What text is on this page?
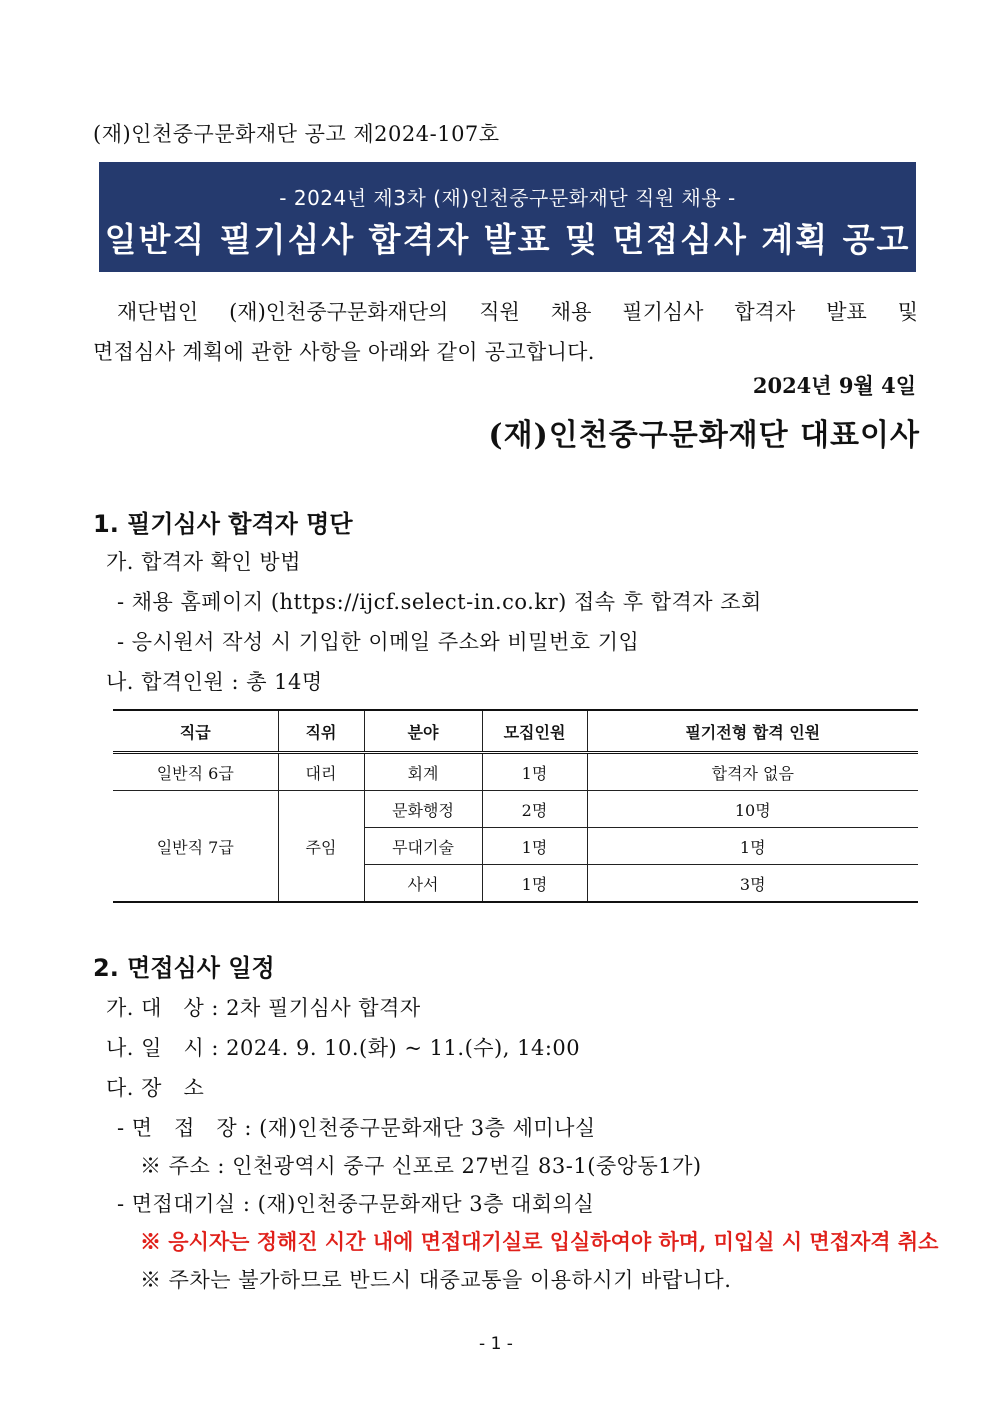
(재)인천중구문화재단 공고 제2024-107호
- 2024년 제3차 (재)인천중구문화재단 직원 채용 -
일반직 필기심사 합격자 발표 및 면접심사 계획 공고
재단법인 (재)인천중구문화재단의 직원 채용 필기심사 합격자 발표 및
면접심사 계획에 관한 사항을 아래와 같이 공고합니다.
2024년 9월 4일
(재)인천중구문화재단 대표이사
1. 필기심사 합격자 명단
가. 합격자 확인 방법
- 채용 홈페이지 (https://ijcf.select-in.co.kr) 접속 후 합격자 조회
- 응시원서 작성 시 기입한 이메일 주소와 비밀번호 기입
나. 합격인원 : 총 14명
직급	직위	분야	모집인원	필기전형 합격 인원
일반직 6급	대리	회계	1명	합격자 없음
일반직 7급	주임	문화행정	2명	10명
		무대기술	1명	1명
		사서	1명	3명
2. 면접심사 일정
가. 대   상 : 2차 필기심사 합격자
나. 일   시 : 2024. 9. 10.(화) ~ 11.(수), 14:00
다. 장   소
- 면   접   장 : (재)인천중구문화재단 3층 세미나실
※ 주소 : 인천광역시 중구 신포로 27번길 83-1(중앙동1가)
- 면접대기실 : (재)인천중구문화재단 3층 대회의실
※ 응시자는 정해진 시간 내에 면접대기실로 입실하여야 하며, 미입실 시 면접자격 취소
※ 주차는 불가하므로 반드시 대중교통을 이용하시기 바랍니다.
- 1 -
